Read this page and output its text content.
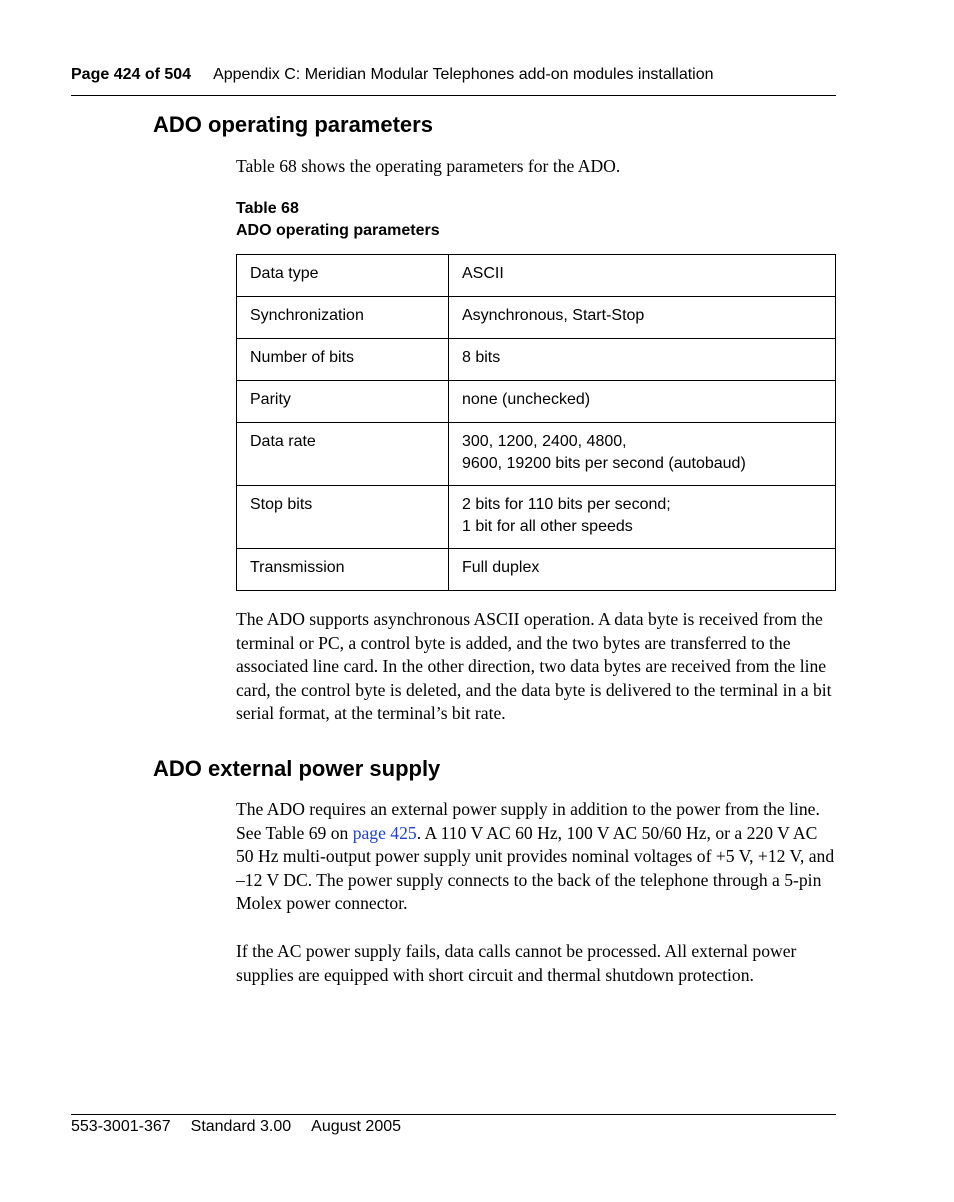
Page 424 of 504 Appendix C: Meridian Modular Telephones add-on modules installation
ADO operating parameters

Table 68 shows the operating parameters for the ADO.

Table 68
ADO operating parameters
Data type	ASCII

Synchronization	Asynchronous, Start-Stop

Number of bits	8 bits

Parity	none (unchecked)

Data rate	300, 1200, 2400, 4800,
9600, 19200 bits per second (autobaud)

Stop bits	2 bits for 110 bits per second;
1 bit for all other speeds

Transmission	Full duplex

The ADO supports asynchronous ASCII operation. A data byte is received from the terminal or PC, a control byte is added, and the two bytes are transferred to the associated line card. In the other direction, two data bytes are received from the line card, the control byte is deleted, and the data byte is delivered to the terminal in a bit serial format, at the terminal’s bit rate.

ADO external power supply

The ADO requires an external power supply in addition to the power from the line. See Table 69 on page 425. A 110 V AC 60 Hz, 100 V AC 50/60 Hz, or a 220 V AC 50 Hz multi-output power supply unit provides nominal voltages of +5 V, +12 V, and –12 V DC. The power supply connects to the back of the telephone through a 5-pin Molex power connector.

If the AC power supply fails, data calls cannot be processed. All external power supplies are equipped with short circuit and thermal shutdown protection.

553-3001-367 Standard 3.00 August 2005
